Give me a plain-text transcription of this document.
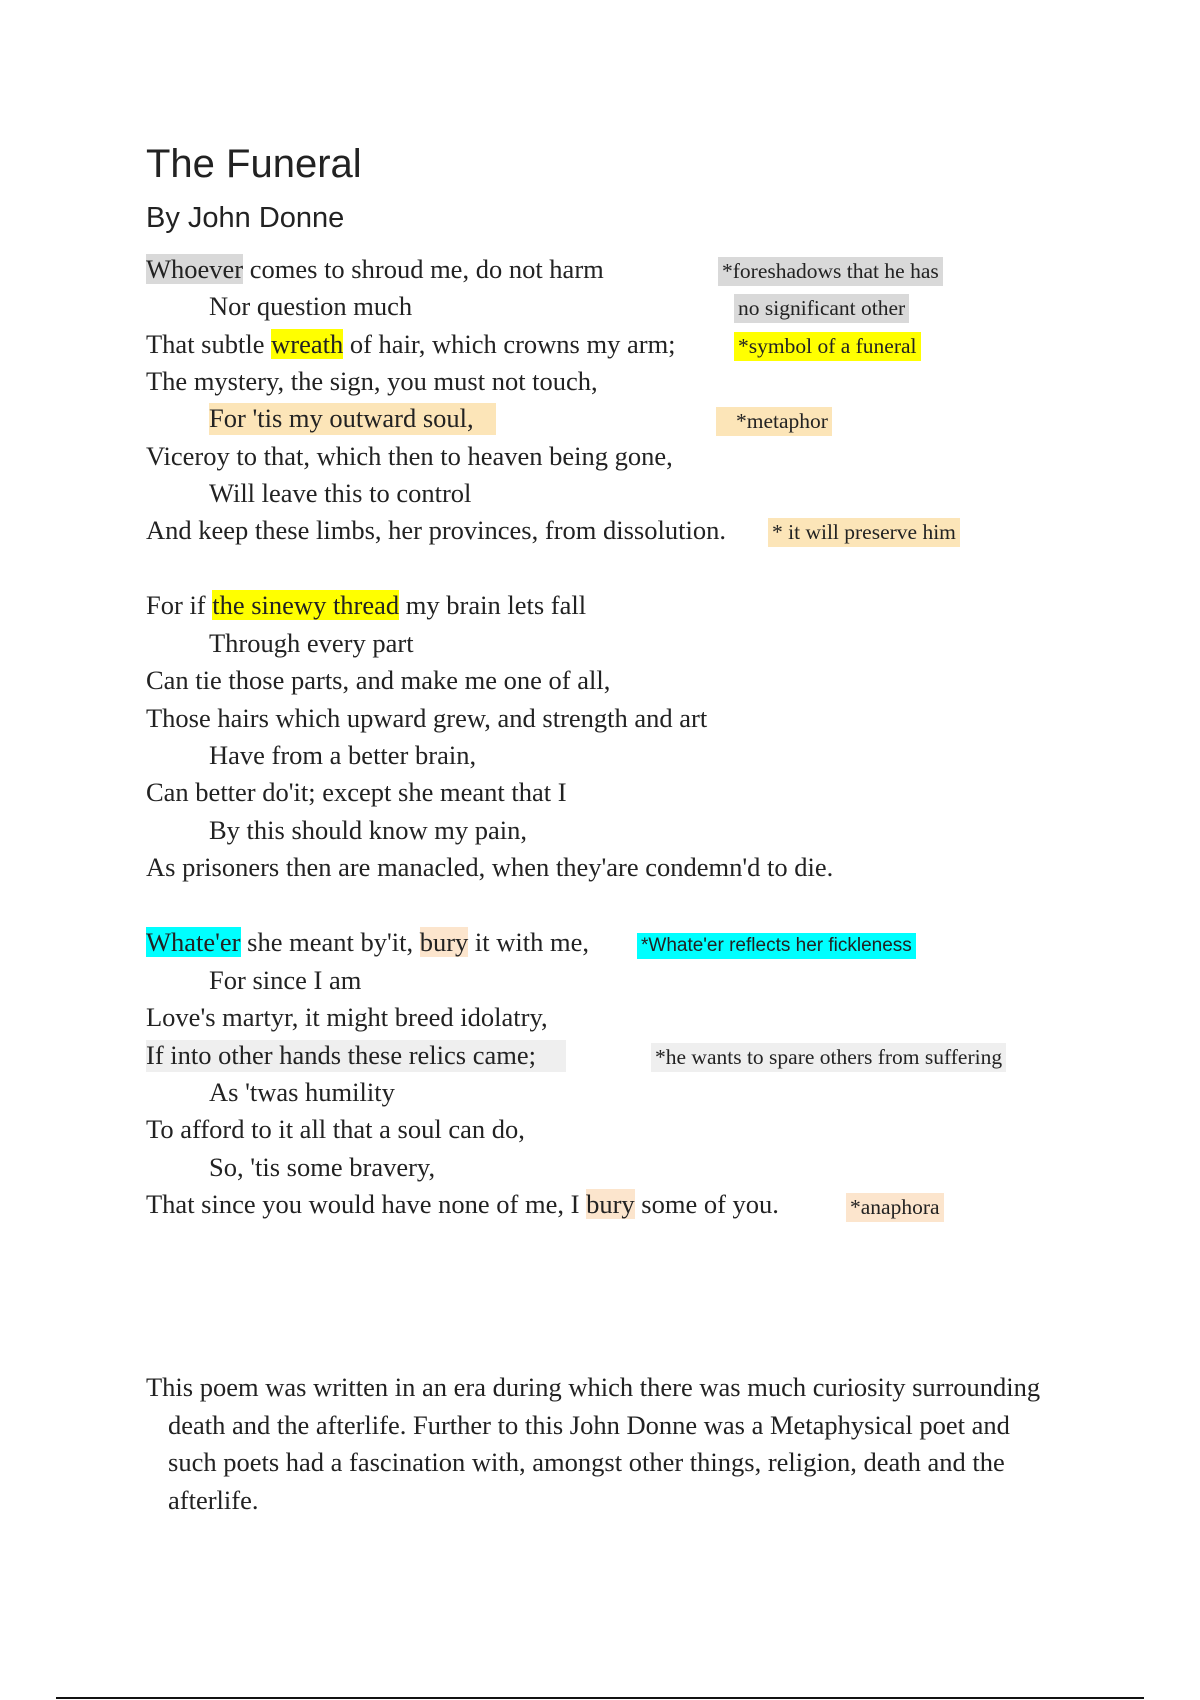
The Funeral
By John Donne
Whoever comes to shroud me, do not harm
Nor question much
That subtle wreath of hair, which crowns my arm;
The mystery, the sign, you must not touch,
For 'tis my outward soul,
Viceroy to that, which then to heaven being gone,
Will leave this to control
And keep these limbs, her provinces, from dissolution.
*foreshadows that he has
no significant other
*symbol of a funeral
*metaphor
* it will preserve him
For if the sinewy thread my brain lets fall
Through every part
Can tie those parts, and make me one of all,
Those hairs which upward grew, and strength and art
Have from a better brain,
Can better do'it; except she meant that I
By this should know my pain,
As prisoners then are manacled, when they'are condemn'd to die.
Whate'er she meant by'it, bury it with me,
For since I am
Love's martyr, it might breed idolatry,
If into other hands these relics came;
As 'twas humility
To afford to it all that a soul can do,
So, 'tis some bravery,
That since you would have none of me, I bury some of you.
*Whate'er reflects her fickleness
*he wants to spare others from suffering
*anaphora
This poem was written in an era during which there was much curiosity surrounding death and the afterlife. Further to this John Donne was a Metaphysical poet and such poets had a fascination with, amongst other things, religion, death and the afterlife.
